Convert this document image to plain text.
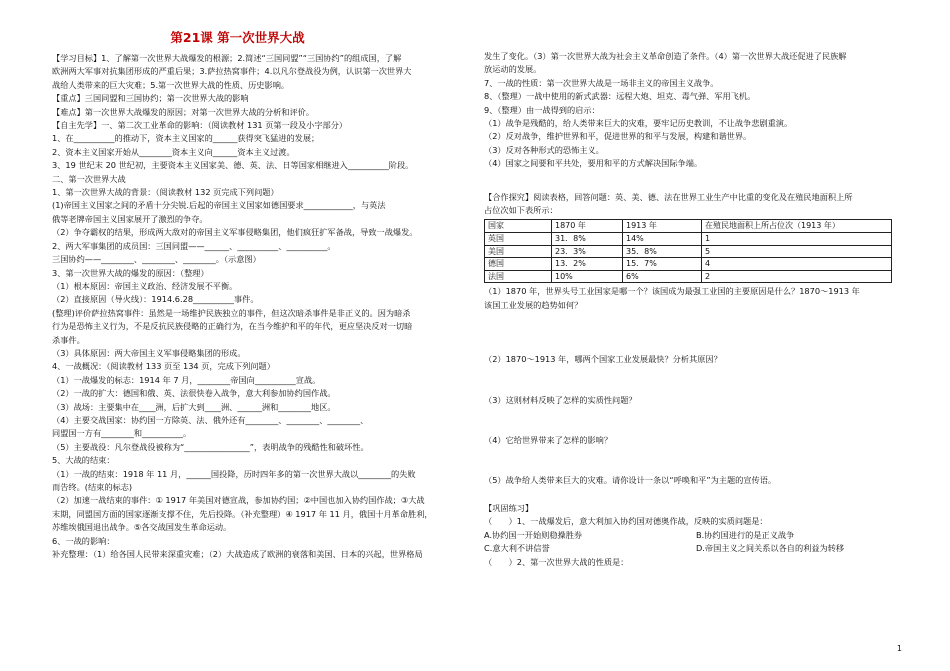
第21课 第一次世界大战
【学习目标】1、了解第一次世界大战爆发的根源；2.简述“三国同盟”“三国协约”的组成国，了解
欧洲两大军事对抗集团形成的严重后果；3.萨拉热窝事件；4.以凡尔登战役为例，认识第一次世界大
战给人类带来的巨大灾难；5.第一次世界大战的性质、历史影响。
【重点】三国同盟和三国协约；第一次世界大战的影响
【难点】第一次世界大战爆发的原因；对第一次世界大战的分析和评价。
【自主先学】一、第二次工业革命的影响：（阅读教材 131 页第一段及小字部分）
1、在__________的推动下，资本主义国家的______获得突飞猛进的发展；
2、资本主义国家开始从________资本主义向______资本主义过渡。
3、19 世纪末 20 世纪初，主要资本主义国家美、德、英、法、日等国家相继进入__________阶段。
二、第一次世界大战
1、第一次世界大战的背景：（阅读教材 132 页完成下列问题）
(1)帝国主义国家之间的矛盾十分尖锐.后起的帝国主义国家如德国要求____________，与英法
俄等老牌帝国主义国家展开了激烈的争夺。
（2）争夺霸权的结果，形成两大敌对的帝国主义军事侵略集团，他们疯狂扩军备战，导致一战爆发。
2、两大军事集团的成员国：三国同盟——______、__________、__________。
三国协约——________、________、________。（示意图）
3、第一次世界大战的爆发的原因：（整理）
（1）根本原因：帝国主义政治、经济发展不平衡。
（2）直接原因（导火线）：1914.6.28__________事件。
(整理)评价萨拉热窝事件：虽然是一场维护民族独立的事件，但这次暗杀事件是非正义的。因为暗杀
行为是恐怖主义行为，不是反抗民族侵略的正确行为，在当今维护和平的年代，更应坚决反对一切暗
杀事件。
（3）具体原因：两大帝国主义军事侵略集团的形成。
4、一战概况：（阅读教材 133 页至 134 页，完成下列问题）
（1）一战爆发的标志：1914 年 7 月，________帝国向__________宣战。
（2）一战的扩大：德国和俄、英、法很快卷入战争，意大利参加协约国作战。
（3）战场：主要集中在____洲，后扩大到____洲、______洲和________地区。
（4）主要交战国家：协约国一方除英、法、俄外还有________、________、________、
同盟国一方有________和__________。
（5）主要战役：凡尔登战役被称为“________________”，表明战争的残酷性和破坏性。
5、大战的结束：
（1）一战的结束：1918 年 11 月，______国投降，历时四年多的第一次世界大战以________的失败
而告终。(结束的标志)
（2）加速一战结束的事件：① 1917 年美国对德宣战，参加协约国；②中国也加入协约国作战；③大战
末期，同盟国方面的国家逐渐支撑不住，先后投降。（补充整理）④ 1917 年 11 月，俄国十月革命胜利，
苏维埃俄国退出战争。⑤各交战国发生革命运动。
6、一战的影响：
补充整理：（1）给各国人民带来深重灾难；（2）大战造成了欧洲的衰落和美国、日本的兴起，世界格局
发生了变化。（3）第一次世界大战为社会主义革命创造了条件。（4）第一次世界大战还促进了民族解
放运动的发展。
7、一战的性质：第一次世界大战是一场非主义的帝国主义战争。
8、（整理）一战中使用的新式武器：远程大炮、坦克、毒气弹、军用飞机。
9、（整理）由一战得到的启示：
（1）战争是残酷的，给人类带来巨大的灾难，要牢记历史教训，不让战争悲剧重演。
（2）反对战争，维护世界和平，促进世界的和平与发展，构建和谐世界。
（3）反对各种形式的恐怖主义。
（4）国家之间要和平共处，要用和平的方式解决国际争端。
【合作探究】阅读表格，回答问题：英、美、德、法在世界工业生产中比重的变化及在殖民地面积上所
占位次如下表所示：
国家	1870 年	1913 年	在殖民地面积上所占位次（1913 年）
英国	31．8%	14%	1
美国	23．3%	35．8%	5
德国	13．2%	15．7%	4
法国	10%	6%	2
（1）1870 年，世界头号工业国家是哪一个？该国成为最强工业国的主要原因是什么？1870～1913 年
该国工业发展的趋势如何？
（2）1870～1913 年，哪两个国家工业发展最快？分析其原因？
（3）这则材料反映了怎样的实质性问题？
（4）它给世界带来了怎样的影响？
（5）战争给人类带来巨大的灾难。请你设计一条以“呼唤和平”为主题的宣传语。
【巩固练习】
（　　）1、一战爆发后，意大利加入协约国对德奥作战，反映的实质问题是：
A.协约国一开始则稳操胜券	B.协约国进行的是正义战争
C.意大利不讲信誉	D.帝国主义之间关系以各自的利益为转移
（　　）2、第一次世界大战的性质是：
1
